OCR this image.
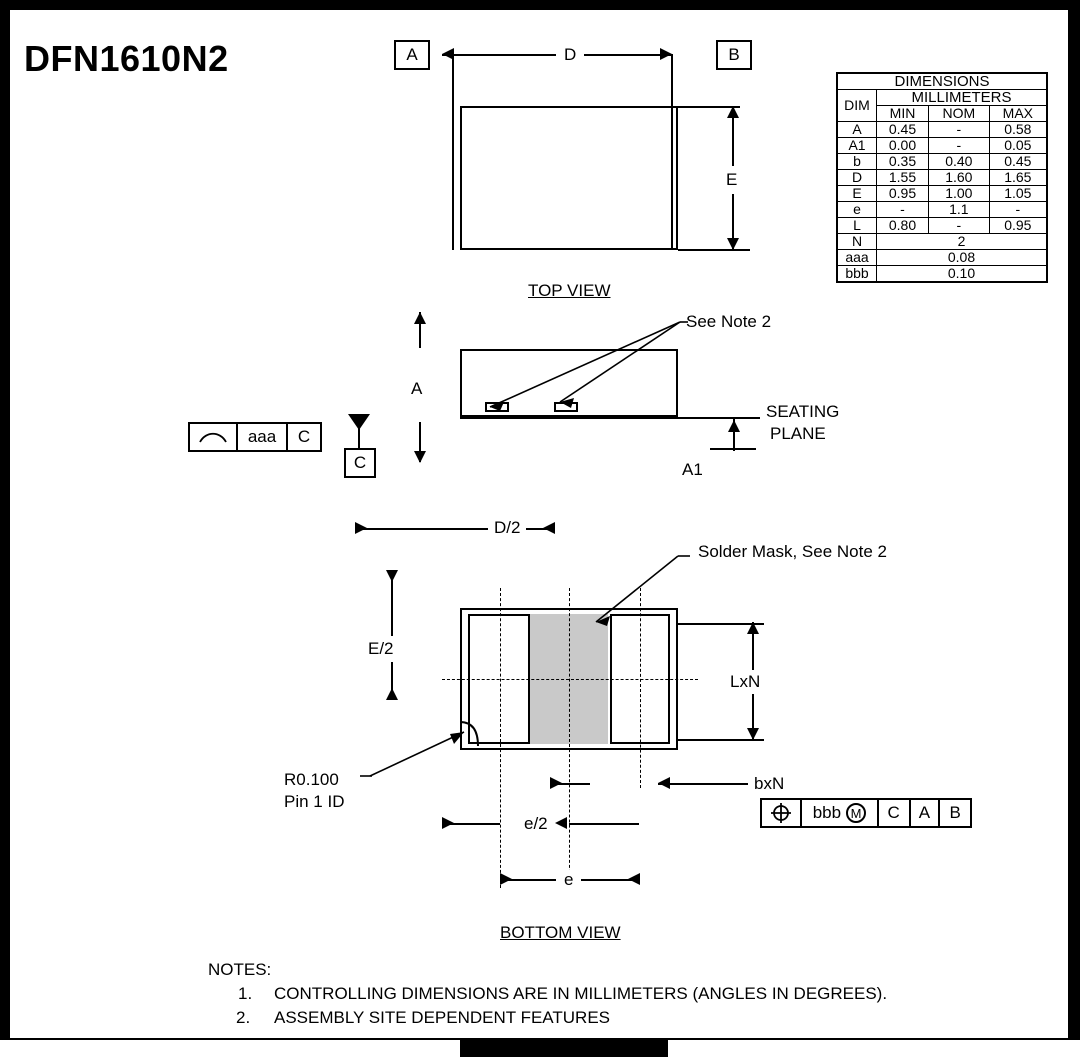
DFN1610N2
DIMENSIONS			
DIM	MILLIMETERS		
	MIN	NOM	MAX
A	0.45	-	0.58
A1	0.00	-	0.05
b	0.35	0.40	0.45
D	1.55	1.60	1.65
E	0.95	1.00	1.05
e	-	1.1	-
L	0.80	-	0.95
N	2		
aaa	0.08		
bbb	0.10		
A	B
D
E
TOP VIEW
A
See Note 2
SEATING
PLANE
A1
aaa	C
C
D/2
E/2
Solder Mask, See Note 2
LxN
R0.100
Pin 1 ID
bxN
bbb M	C	A	B
e/2
e
BOTTOM VIEW
NOTES:
1. CONTROLLING DIMENSIONS ARE IN MILLIMETERS (ANGLES IN DEGREES).
2. ASSEMBLY SITE DEPENDENT FEATURES
